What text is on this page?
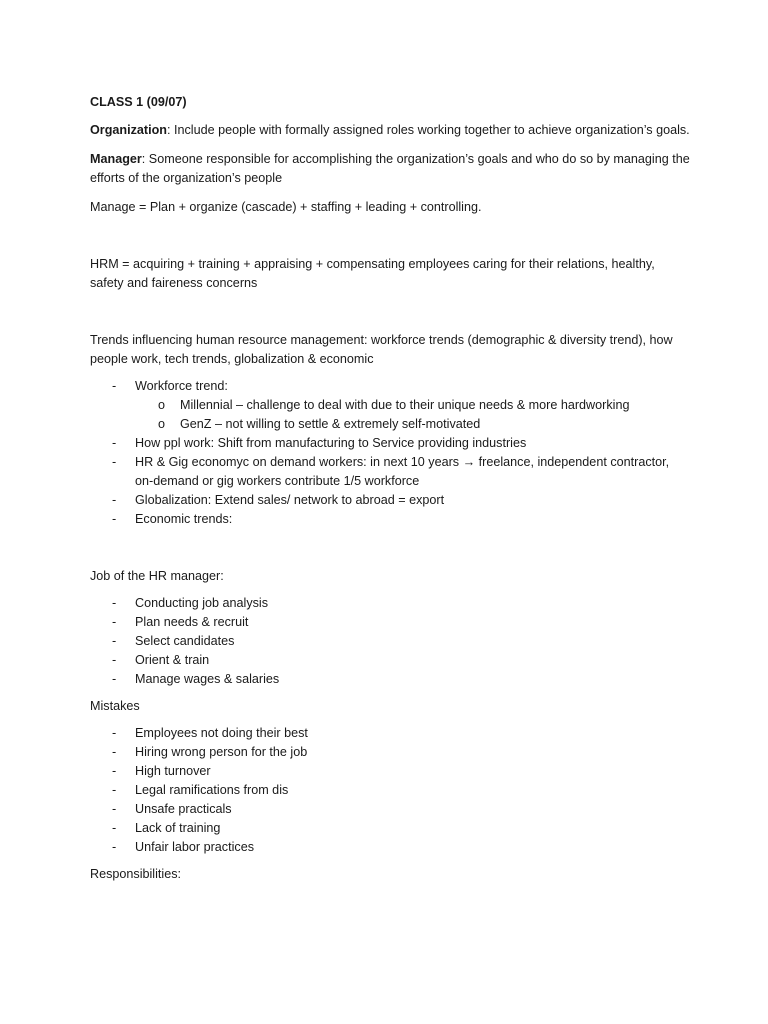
CLASS 1 (09/07)

Organization: Include people with formally assigned roles working together to achieve organization’s goals.

Manager: Someone responsible for accomplishing the organization’s goals and who do so by managing the efforts of the organization’s people

Manage = Plan + organize (cascade) + staffing + leading + controlling.

HRM = acquiring + training + appraising + compensating employees caring for their relations, healthy, safety and faireness concerns

Trends influencing human resource management: workforce trends (demographic & diversity trend), how people work, tech trends, globalization & economic

- Workforce trend:
o Millennial – challenge to deal with due to their unique needs & more hardworking
o GenZ – not willing to settle & extremely self-motivated
- How ppl work: Shift from manufacturing to Service providing industries
- HR & Gig economyc on demand workers: in next 10 years → freelance, independent contractor, on-demand or gig workers contribute 1/5 workforce
- Globalization: Extend sales/ network to abroad = export
- Economic trends:

Job of the HR manager:

- Conducting job analysis
- Plan needs & recruit
- Select candidates
- Orient & train
- Manage wages & salaries

Mistakes

- Employees not doing their best
- Hiring wrong person for the job
- High turnover
- Legal ramifications from dis
- Unsafe practicals
- Lack of training
- Unfair labor practices

Responsibilities:
